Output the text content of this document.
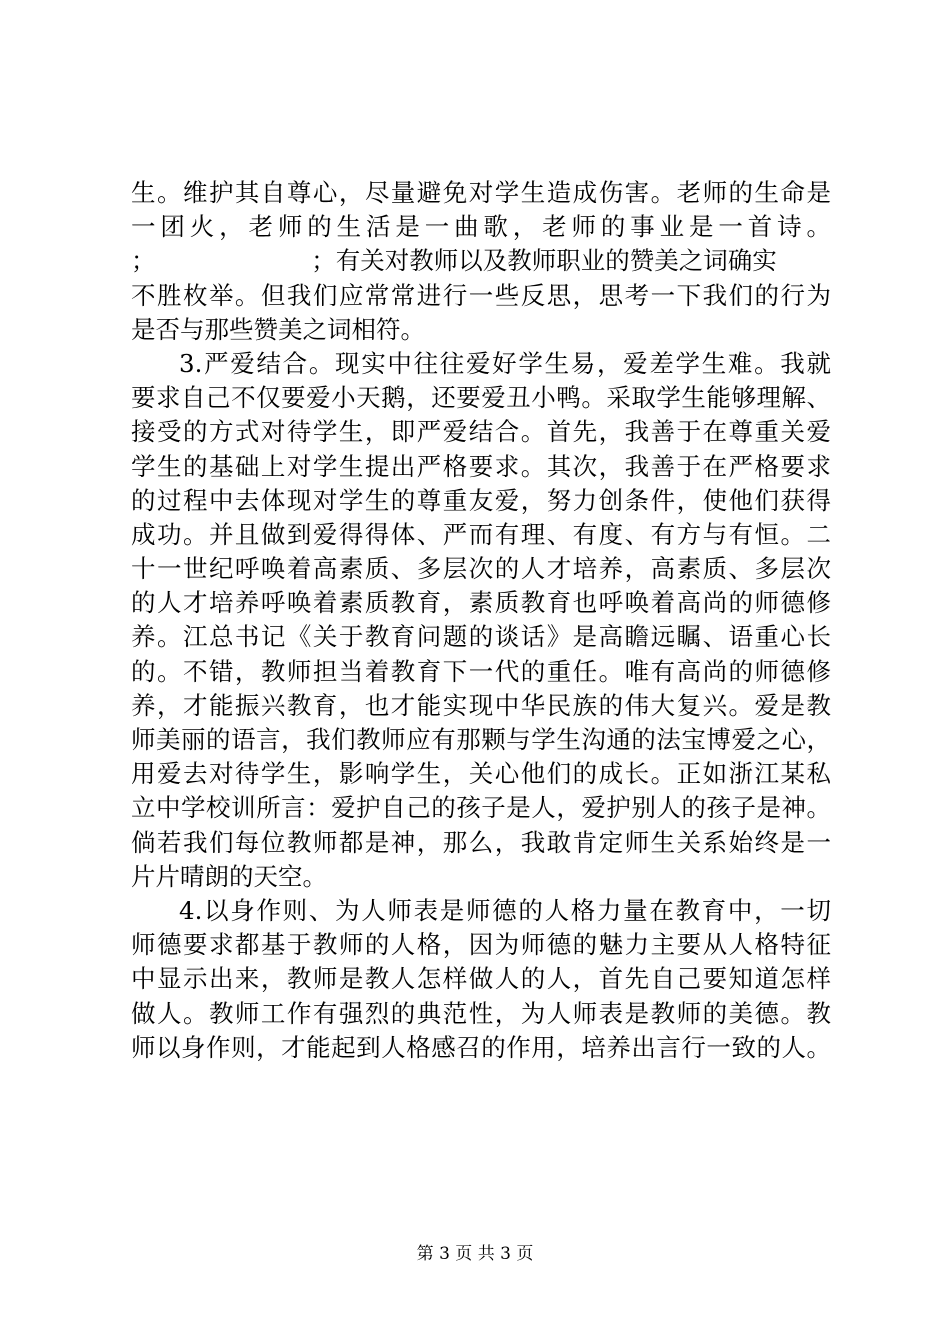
生。维护其自尊心，尽量避免对学生造成伤害。老师的生命是
一团火，老师的生活是一曲歌，老师的事业是一首诗。
；                    ；有关对教师以及教师职业的赞美之词确实
不胜枚举。但我们应常常进行一些反思，思考一下我们的行为
是否与那些赞美之词相符。
3.严爱结合。现实中往往爱好学生易，爱差学生难。我就
要求自己不仅要爱小天鹅，还要爱丑小鸭。采取学生能够理解、
接受的方式对待学生，即严爱结合。首先，我善于在尊重关爱
学生的基础上对学生提出严格要求。其次，我善于在严格要求
的过程中去体现对学生的尊重友爱，努力创条件，使他们获得
成功。并且做到爱得得体、严而有理、有度、有方与有恒。二
十一世纪呼唤着高素质、多层次的人才培养，高素质、多层次
的人才培养呼唤着素质教育，素质教育也呼唤着高尚的师德修
养。江总书记《关于教育问题的谈话》是高瞻远瞩、语重心长
的。不错，教师担当着教育下一代的重任。唯有高尚的师德修
养，才能振兴教育，也才能实现中华民族的伟大复兴。爱是教
师美丽的语言，我们教师应有那颗与学生沟通的法宝博爱之心，
用爱去对待学生，影响学生，关心他们的成长。正如浙江某私
立中学校训所言：爱护自己的孩子是人，爱护别人的孩子是神。
倘若我们每位教师都是神，那么，我敢肯定师生关系始终是一
片片晴朗的天空。
4.以身作则、为人师表是师德的人格力量在教育中，一切
师德要求都基于教师的人格，因为师德的魅力主要从人格特征
中显示出来，教师是教人怎样做人的人，首先自己要知道怎样
做人。教师工作有强烈的典范性，为人师表是教师的美德。教
师以身作则，才能起到人格感召的作用，培养出言行一致的人。
第 3 页 共 3 页
